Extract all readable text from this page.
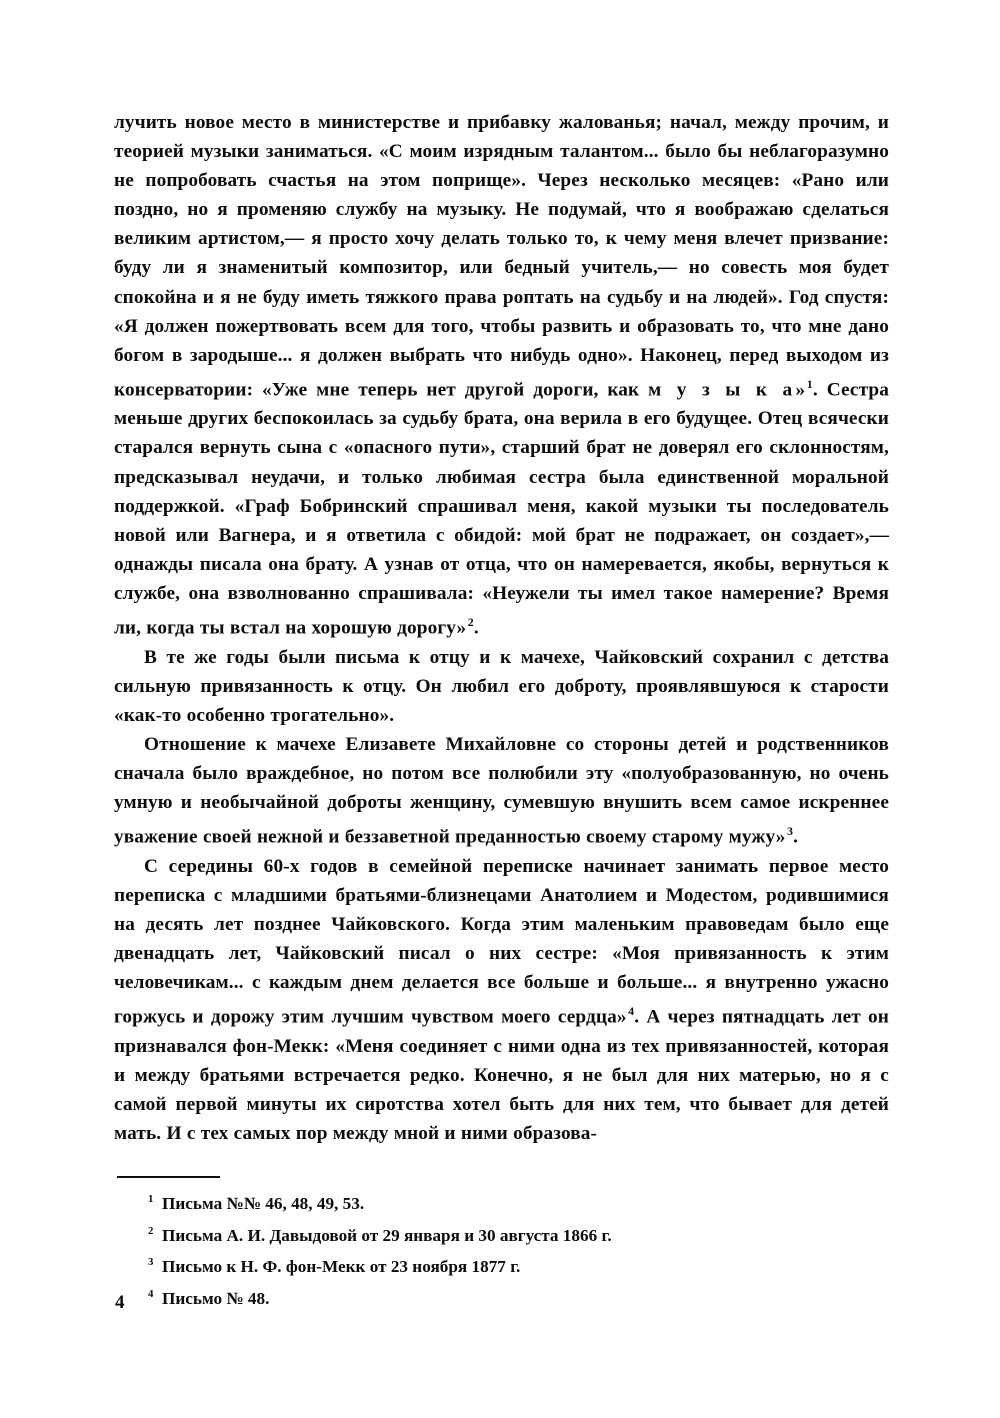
лучить новое место в министерстве и прибавку жалованья; начал, между прочим, и теорией музыки заниматься. «С моим изрядным талантом... было бы неблагоразумно не попробовать счастья на этом поприще». Через несколько месяцев: «Рано или поздно, но я променяю службу на музыку. Не подумай, что я воображаю сделаться великим артистом,— я просто хочу делать только то, к чему меня влечет призвание: буду ли я знаменитый композитор, или бедный учитель,— но совесть моя будет спокойна и я не буду иметь тяжкого права роптать на судьбу и на людей». Год спустя: «Я должен пожертвовать всем для того, чтобы развить и образовать то, что мне дано богом в зародыше... я должен выбрать что нибудь одно». Наконец, перед выходом из консерватории: «Уже мне теперь нет другой дороги, как м у з ы к а» $^1$. Сестра меньше других беспокоилась за судьбу брата, она верила в его будущее. Отец всячески старался вернуть сына с «опасного пути», старший брат не доверял его склонностям, предсказывал неудачи, и только любимая сестра была единственной моральной поддержкой. «Граф Бобринский спрашивал меня, какой музыки ты последователь новой или Вагнера, и я ответила с обидой: мой брат не подражает, он создает»,— однажды писала она брату. А узнав от отца, что он намеревается, якобы, вернуться к службе, она взволнованно спрашивала: «Неужели ты имел такое намерение? Время ли, когда ты встал на хорошую дорогу» $^2$.

В те же годы были письма к отцу и к мачехе, Чайковский сохранил с детства сильную привязанность к отцу. Он любил его доброту, проявлявшуюся к старости «как-то особенно трогательно».

Отношение к мачехе Елизавете Михайловне со стороны детей и родственников сначала было враждебное, но потом все полюбили эту «полуобразованную, но очень умную и необычайной доброты женщину, сумевшую внушить всем самое искреннее уважение своей нежной и беззаветной преданностью своему старому мужу» $^3$.

С середины 60-х годов в семейной переписке начинает занимать первое место переписка с младшими братьями-близнецами Анатолием и Модестом, родившимися на десять лет позднее Чайковского. Когда этим маленьким правоведам было еще двенадцать лет, Чайковский писал о них сестре: «Моя привязанность к этим человечикам... с каждым днем делается все больше и больше... я внутренно ужасно горжусь и дорожу этим лучшим чувством моего сердца» $^4$. А через пятнадцать лет он признавался фон-Мекк: «Меня соединяет с ними одна из тех привязанностей, которая и между братьями встречается редко. Конечно, я не был для них матерью, но я с самой первой минуты их сиротства хотел быть для них тем, что бывает для детей мать. И с тех самых пор между мной и ними образова-

1 Письма №№ 46, 48, 49, 53.

2 Письма А. И. Давыдовой от 29 января и 30 августа 1866 г.

3 Письмо к Н. Ф. фон-Мекк от 23 ноября 1877 г.

4 Письмо № 48.

4
